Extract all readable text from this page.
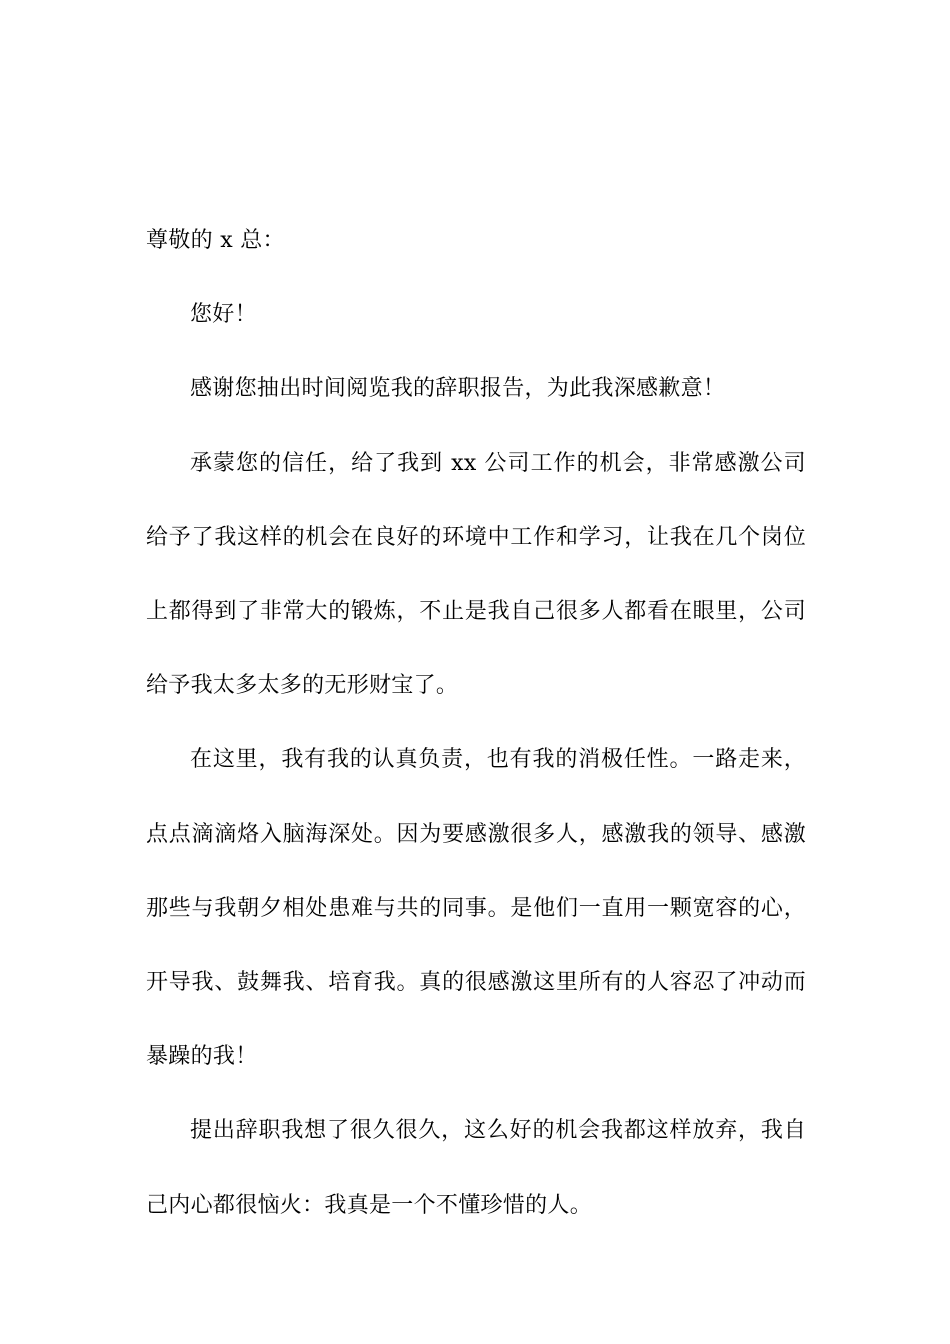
尊敬的 x 总：

您好！

感谢您抽出时间阅览我的辞职报告，为此我深感歉意！

承蒙您的信任，给了我到 xx 公司工作的机会，非常感激公司给予了我这样的机会在良好的环境中工作和学习，让我在几个岗位上都得到了非常大的锻炼，不止是我自己很多人都看在眼里，公司给予我太多太多的无形财宝了。

在这里，我有我的认真负责，也有我的消极任性。一路走来，点点滴滴烙入脑海深处。因为要感激很多人，感激我的领导、感激那些与我朝夕相处患难与共的同事。是他们一直用一颗宽容的心，开导我、鼓舞我、培育我。真的很感激这里所有的人容忍了冲动而暴躁的我！

提出辞职我想了很久很久，这么好的机会我都这样放弃，我自己内心都很恼火：我真是一个不懂珍惜的人。
